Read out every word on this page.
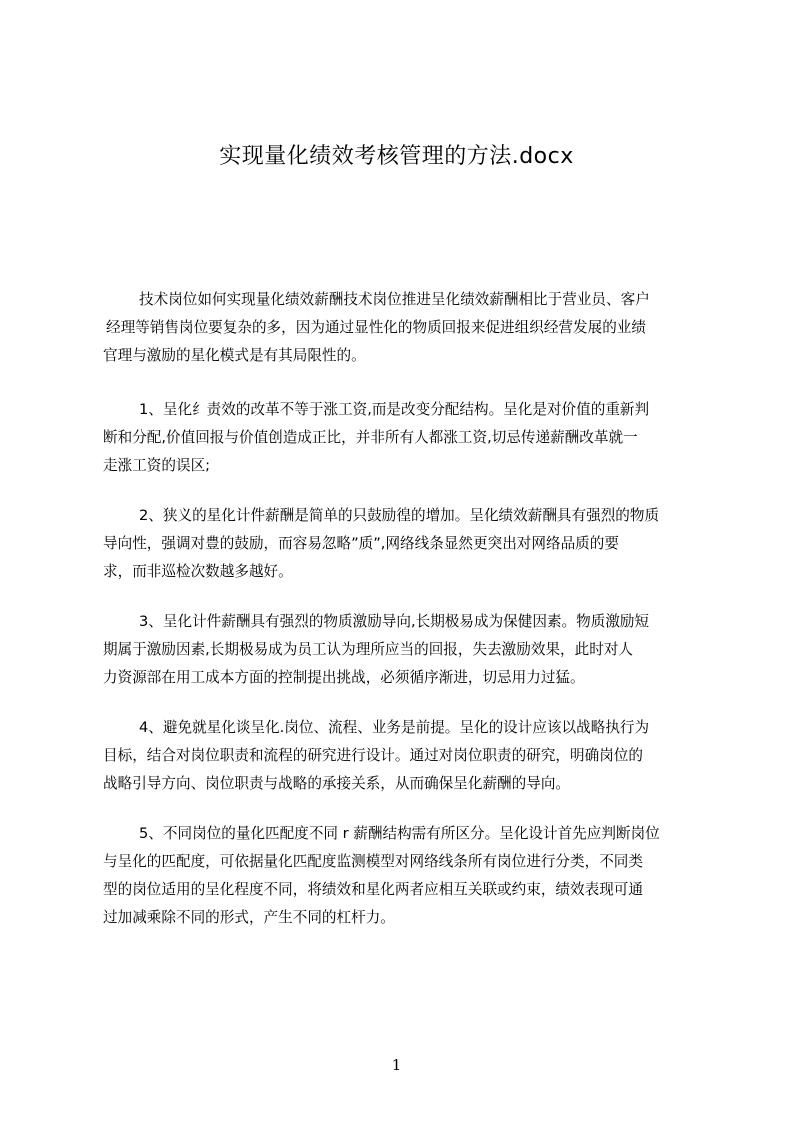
实现量化绩效考核管理的方法.docx
技术岗位如何实现量化绩效薪酬技术岗位推进呈化绩效薪酬相比于营业员、客户
经理等销售岗位要复杂的多，因为通过显性化的物质回报来促进组织经营发展的业绩
官理与激励的星化模式是有其局限性的。
1、呈化纟责效的改革不等于涨工资,而是改变分配结构。呈化是对价值的重新判
断和分配,价值回报与价值创造成正比，并非所有人都涨工资,切忌传递薪酬改革就一
走涨工资的误区;
2、狭义的星化计件薪酬是简单的只鼓励徨的增加。呈化绩效薪酬具有强烈的物质
导向性，强调对豊的鼓励，而容易忽略”质”,网络线条显然更突出对网络品质的要
求，而非巡检次数越多越好。
3、呈化计件薪酬具有强烈的物质激励导向,长期极易成为保健因素。物质激励短
期属于激励因素,长期极易成为员工认为理所应当的回报，失去激励效果，此时对人
力资源部在用工成本方面的控制提出挑战，必须循序渐进，切忌用力过猛。
4、避免就星化谈呈化.岗位、流程、业务是前提。呈化的设计应该以战略执行为
目标，结合对岗位职责和流程的研究进行设计。通过对岗位职责的研究，明确岗位的
战略引导方向、岗位职责与战略的承接关系，从而确保呈化薪酬的导向。
5、不同岗位的量化匹配度不同 r 薪酬结构需有所区分。呈化设计首先应判断岗位
与呈化的匹配度，可依据量化匹配度监测模型对网络线条所有岗位进行分类，不同类
型的岗位适用的呈化程度不同，将绩效和星化两者应相互关联或约束，绩效表现可通
过加减乘除不同的形式，产生不同的杠杆力。
1
